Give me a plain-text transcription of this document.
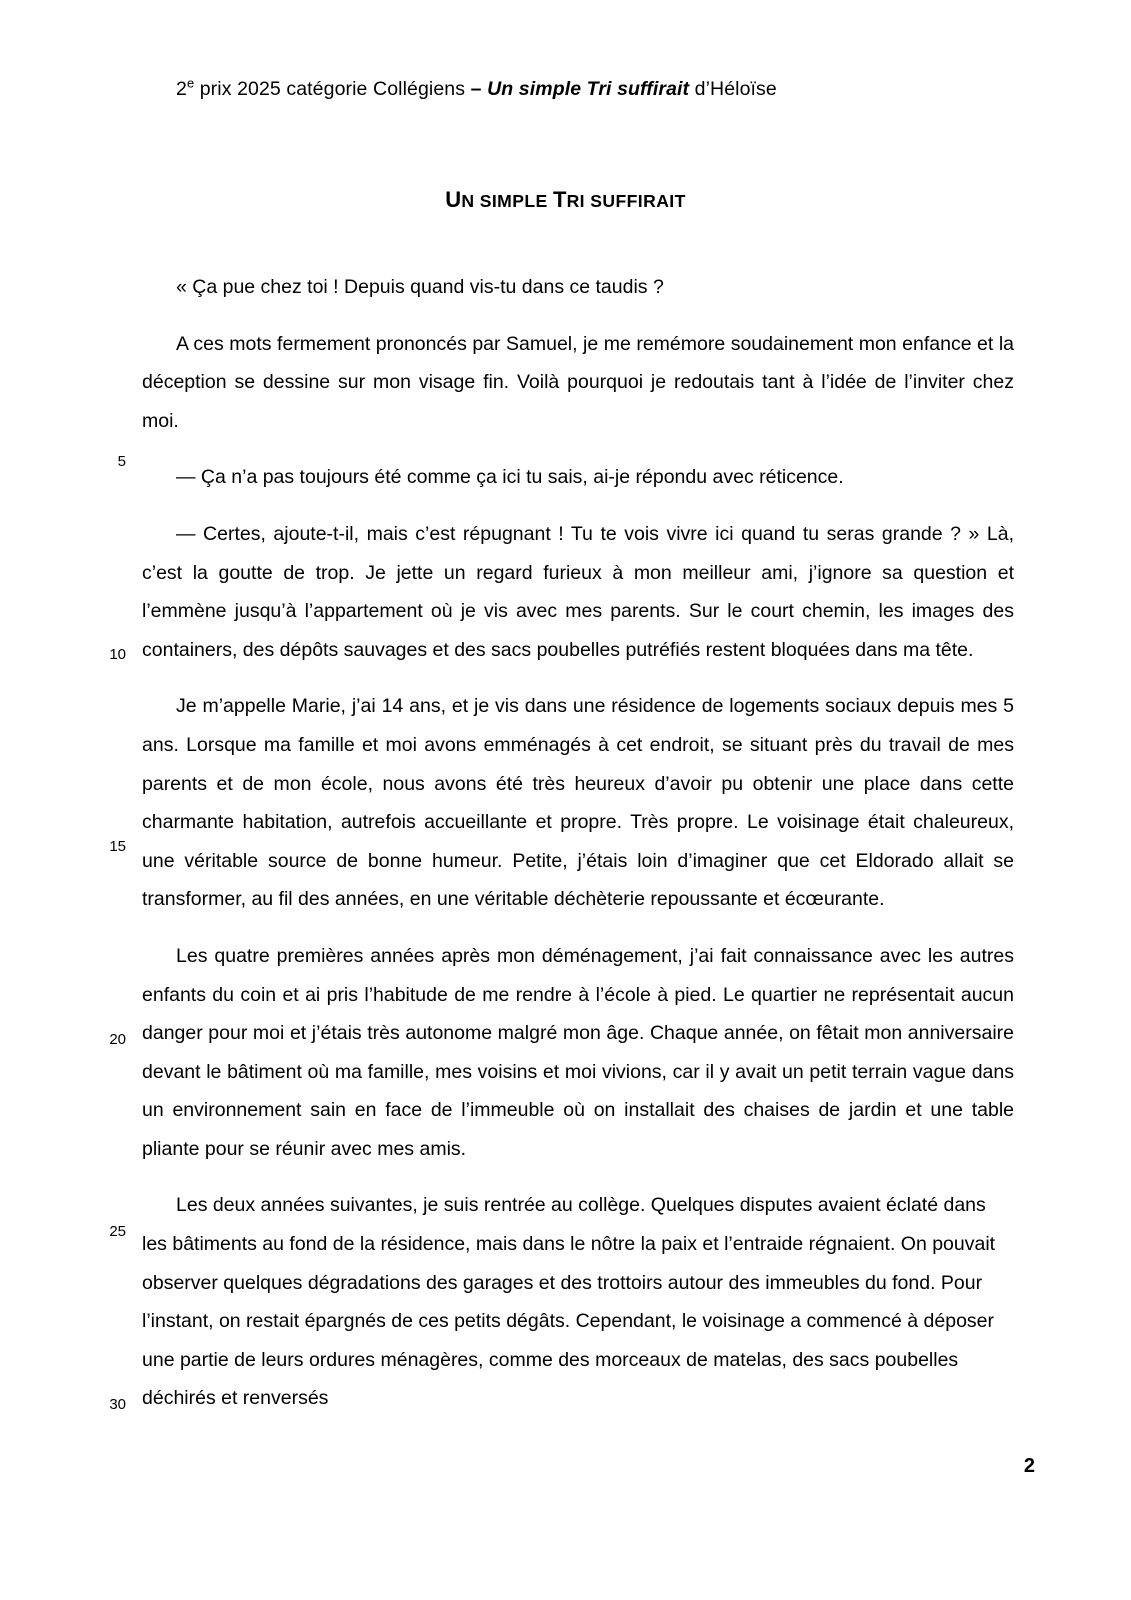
2e prix 2025 catégorie Collégiens – Un simple Tri suffirait d’Héloïse
UN SIMPLE TRI SUFFIRAIT
5
10
15
20
25
30

« Ça pue chez toi ! Depuis quand vis-tu dans ce taudis ?

A ces mots fermement prononcés par Samuel, je me remémore soudainement mon enfance et la déception se dessine sur mon visage fin. Voilà pourquoi je redoutais tant à l’idée de l’inviter chez moi.

— Ça n’a pas toujours été comme ça ici tu sais, ai-je répondu avec réticence.

— Certes, ajoute-t-il, mais c’est répugnant ! Tu te vois vivre ici quand tu seras grande ? » Là, c’est la goutte de trop. Je jette un regard furieux à mon meilleur ami, j’ignore sa question et l’emmène jusqu’à l’appartement où je vis avec mes parents. Sur le court chemin, les images des containers, des dépôts sauvages et des sacs poubelles putréfiés restent bloquées dans ma tête.

Je m’appelle Marie, j’ai 14 ans, et je vis dans une résidence de logements sociaux depuis mes 5 ans. Lorsque ma famille et moi avons emménagés à cet endroit, se situant près du travail de mes parents et de mon école, nous avons été très heureux d’avoir pu obtenir une place dans cette charmante habitation, autrefois accueillante et propre. Très propre. Le voisinage était chaleureux, une véritable source de bonne humeur. Petite, j’étais loin d’imaginer que cet Eldorado allait se transformer, au fil des années, en une véritable déchèterie repoussante et écœurante.

Les quatre premières années après mon déménagement, j’ai fait connaissance avec les autres enfants du coin et ai pris l’habitude de me rendre à l’école à pied. Le quartier ne représentait aucun danger pour moi et j’étais très autonome malgré mon âge. Chaque année, on fêtait mon anniversaire devant le bâtiment où ma famille, mes voisins et moi vivions, car il y avait un petit terrain vague dans un environnement sain en face de l’immeuble où on installait des chaises de jardin et une table pliante pour se réunir avec mes amis.

Les deux années suivantes, je suis rentrée au collège. Quelques disputes avaient éclaté dans les bâtiments au fond de la résidence, mais dans le nôtre la paix et l’entraide régnaient. On pouvait observer quelques dégradations des garages et des trottoirs autour des immeubles du fond. Pour l’instant, on restait épargnés de ces petits dégâts. Cependant, le voisinage a commencé à déposer une partie de leurs ordures ménagères, comme des morceaux de matelas, des sacs poubelles déchirés et renversés

2
